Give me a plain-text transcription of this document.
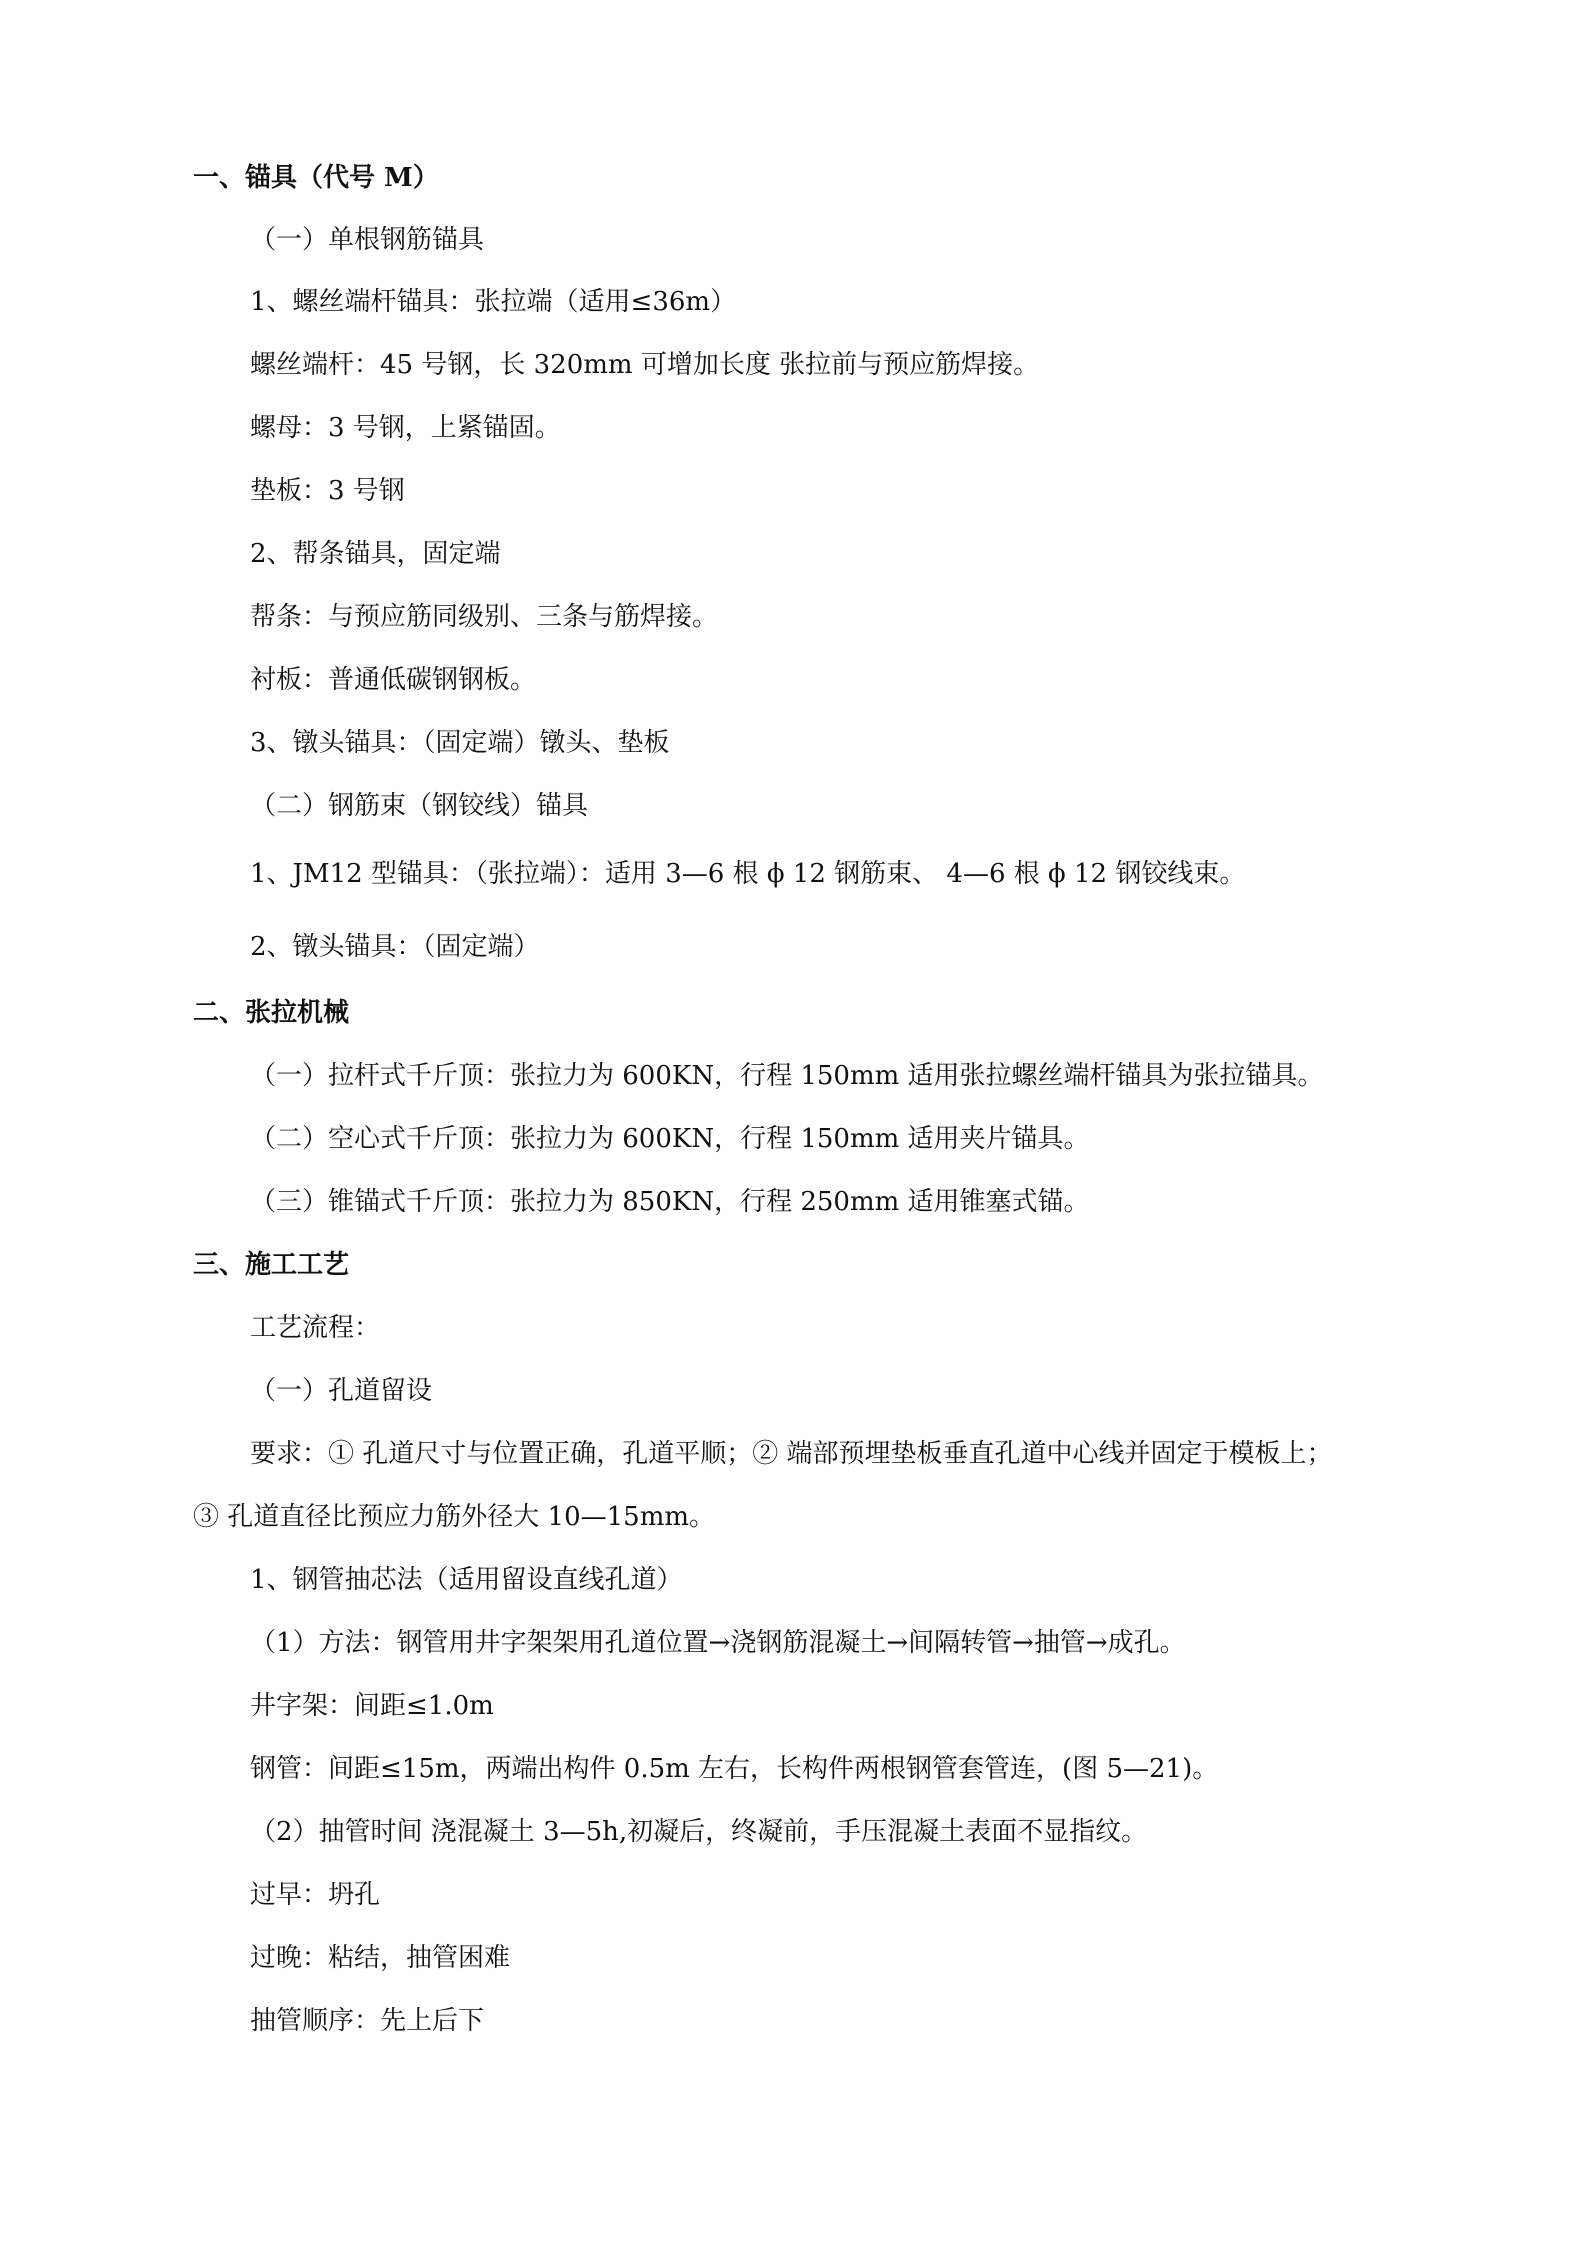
一、锚具（代号 M）
（一）单根钢筋锚具
1、螺丝端杆锚具：张拉端（适用≤36m）
螺丝端杆：45 号钢，长 320mm 可增加长度 张拉前与预应筋焊接。
螺母：3 号钢，上紧锚固。
垫板：3 号钢
2、帮条锚具，固定端
帮条：与预应筋同级别、三条与筋焊接。
衬板：普通低碳钢钢板。
3、镦头锚具：（固定端）镦头、垫板
（二）钢筋束（钢铰线）锚具
1、JM12 型锚具：（张拉端）：适用 3—6 根 ϕ 12 钢筋束、 4—6 根 ϕ 12 钢铰线束。
2、镦头锚具：（固定端）
二、张拉机械
（一）拉杆式千斤顶：张拉力为 600KN，行程 150mm 适用张拉螺丝端杆锚具为张拉锚具。
（二）空心式千斤顶：张拉力为 600KN，行程 150mm 适用夹片锚具。
（三）锥锚式千斤顶：张拉力为 850KN，行程 250mm 适用锥塞式锚。
三、施工工艺
工艺流程：
（一）孔道留设
要求：① 孔道尺寸与位置正确，孔道平顺；② 端部预埋垫板垂直孔道中心线并固定于模板上；
③ 孔道直径比预应力筋外径大 10—15mm。
1、钢管抽芯法（适用留设直线孔道）
（1）方法：钢管用井字架架用孔道位置→浇钢筋混凝土→间隔转管→抽管→成孔。
井字架：间距≤1.0m
钢管：间距≤15m，两端出构件 0.5m 左右，长构件两根钢管套管连，(图 5—21)。
（2）抽管时间 浇混凝土 3—5h,初凝后，终凝前，手压混凝土表面不显指纹。
过早：坍孔
过晚：粘结，抽管困难
抽管顺序：先上后下
